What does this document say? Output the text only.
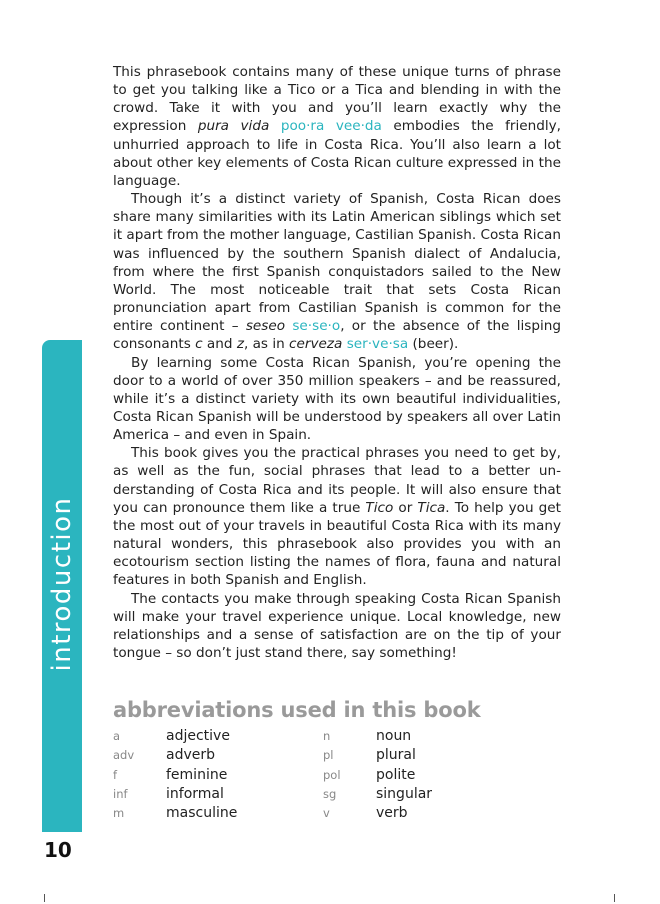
introduction

This phrasebook contains many of these unique turns of phrase to get you talking like a Tico or a Tica and blending in with the crowd. Take it with you and you’ll learn exactly why the expression pura vida poo·ra vee·da embodies the friendly, unhurried approach to life in Costa Rica. You’ll also learn a lot about other key elements of Costa Rican culture expressed in the language.

Though it’s a distinct variety of Spanish, Costa Rican does share many similarities with its Latin American siblings which set it apart from the mother language, Castilian Spanish. Costa Rican was influenced by the southern Spanish dialect of Andalucia, from where the first Spanish conquistadors sailed to the New World. The most noticeable trait that sets Costa Rican pronunciation apart from Castilian Spanish is common for the entire continent – seseo se·se·o, or the absence of the lisping consonants c and z, as in cerveza ser·ve·sa (beer).

By learning some Costa Rican Spanish, you’re opening the door to a world of over 350 million speakers – and be reassured, while it’s a distinct variety with its own beautiful individualities, Costa Rican Spanish will be understood by speakers all over Latin America – and even in Spain.

This book gives you the practical phrases you need to get by, as well as the fun, social phrases that lead to a better understanding of Costa Rica and its people. It will also ensure that you can pronounce them like a true Tico or Tica. To help you get the most out of your travels in beautiful Costa Rica with its many natural wonders, this phrasebook also provides you with an ecotourism section listing the names of flora, fauna and natural features in both Spanish and English.

The contacts you make through speaking Costa Rican Spanish will make your travel experience unique. Local knowledge, new relationships and a sense of satisfaction are on the tip of your tongue – so don’t just stand there, say something!

abbreviations used in this book
a	adjective	n	noun
adv	adverb	pl	plural
f	feminine	pol	polite
inf	informal	sg	singular
m	masculine	v	verb
10
